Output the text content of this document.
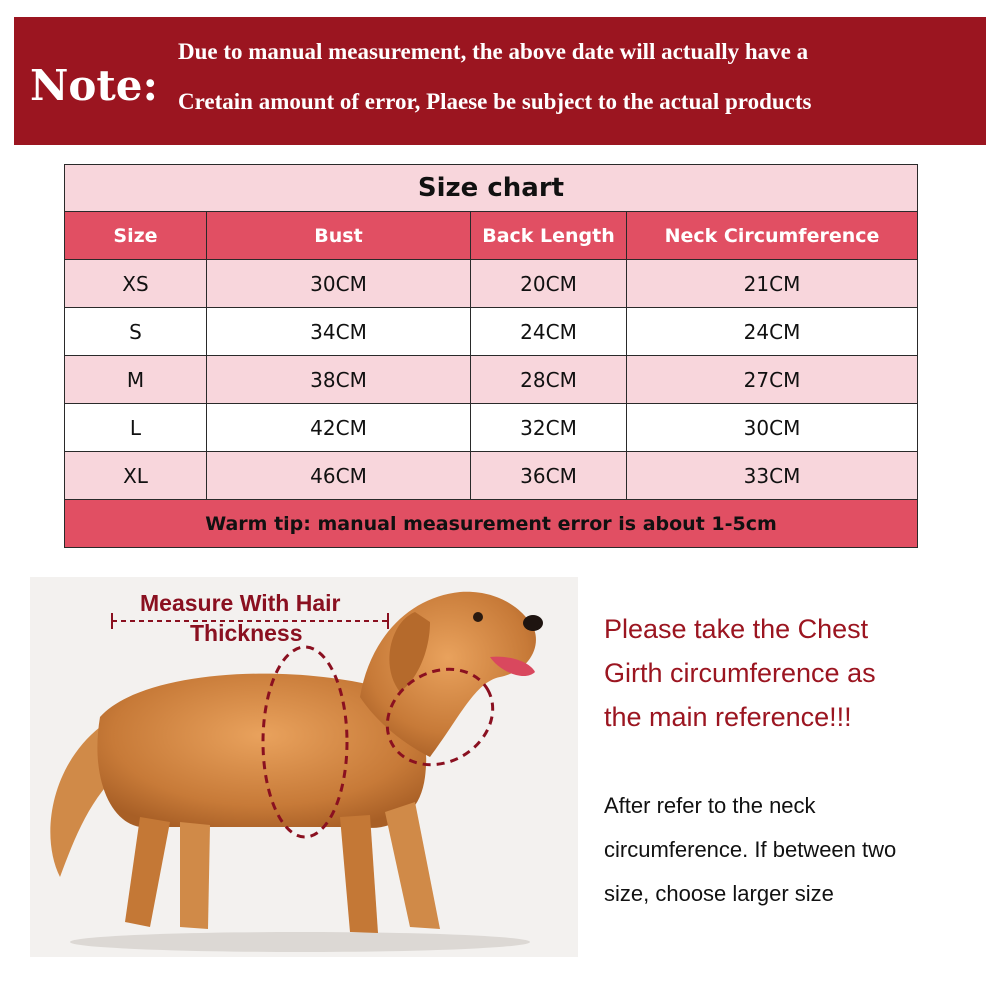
Note:
Due to manual measurement, the above date will actually have a
Cretain amount of error, Plaese be subject to the actual products
Size chart			
Size	Bust	Back Length	Neck Circumference
XS	30CM	20CM	21CM
S	34CM	24CM	24CM
M	38CM	28CM	27CM
L	42CM	32CM	30CM
XL	46CM	36CM	33CM
Warm tip: manual measurement error is about 1-5cm			
Measure With Hair
Thickness	Please take the Chest
Girth circumference as
the main reference!!!
After refer to the neck
circumference. If between two
size, choose larger size
